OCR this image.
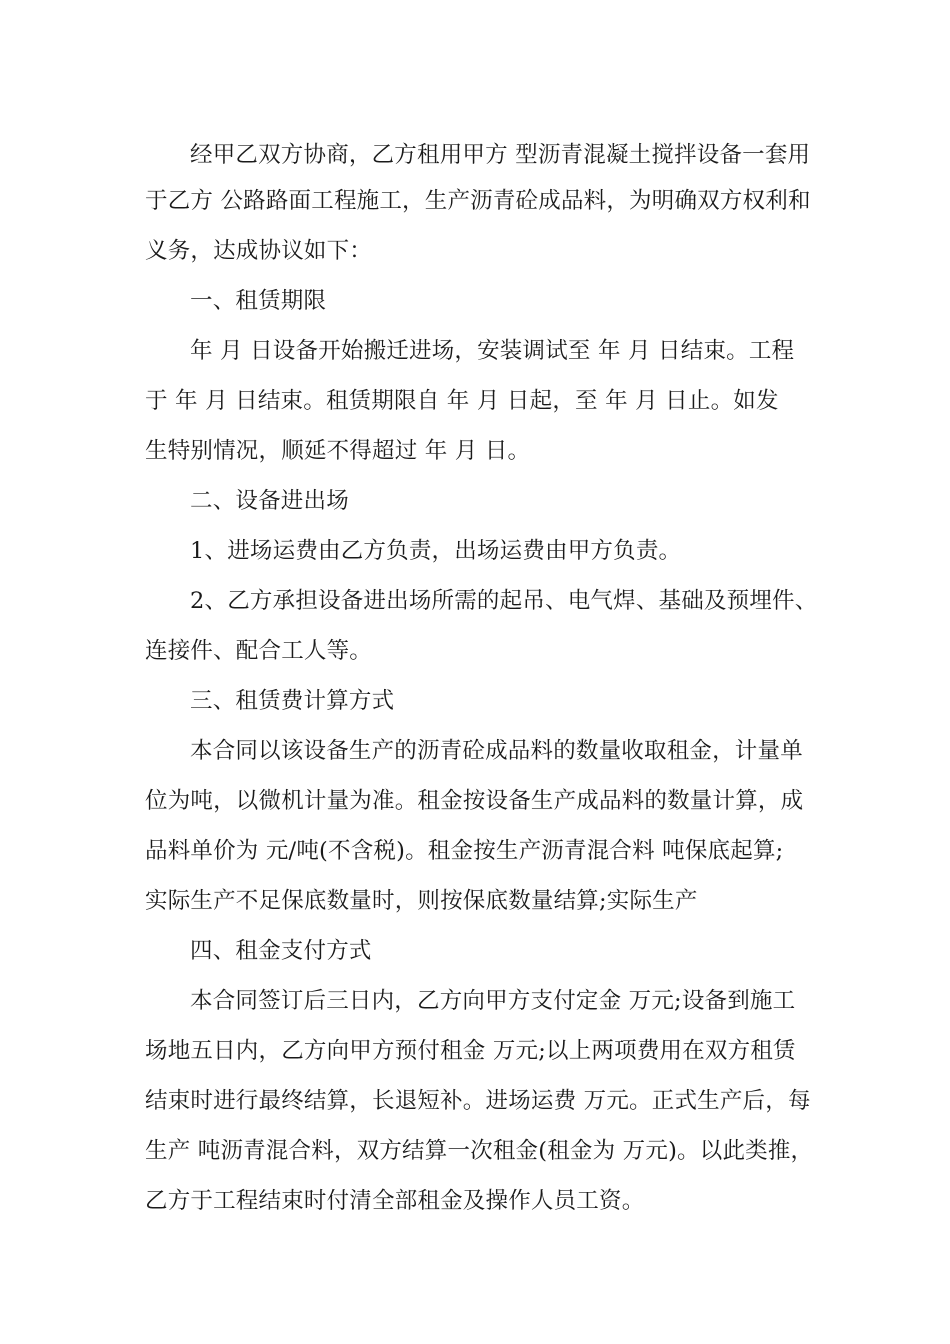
经甲乙双方协商，乙方租用甲方 型沥青混凝土搅拌设备一套用
于乙方 公路路面工程施工，生产沥青砼成品料，为明确双方权利和
义务，达成协议如下：
一、租赁期限
年 月 日设备开始搬迁进场，安装调试至 年 月 日结束。工程
于 年 月 日结束。租赁期限自 年 月 日起，至 年 月 日止。如发
生特别情况，顺延不得超过 年 月 日。
二、设备进出场
1、进场运费由乙方负责，出场运费由甲方负责。
2、乙方承担设备进出场所需的起吊、电气焊、基础及预埋件、
连接件、配合工人等。
三、租赁费计算方式
本合同以该设备生产的沥青砼成品料的数量收取租金，计量单
位为吨，以微机计量为准。租金按设备生产成品料的数量计算，成
品料单价为 元/吨(不含税)。租金按生产沥青混合料 吨保底起算;
实际生产不足保底数量时，则按保底数量结算;实际生产
四、租金支付方式
本合同签订后三日内，乙方向甲方支付定金 万元;设备到施工
场地五日内，乙方向甲方预付租金 万元;以上两项费用在双方租赁
结束时进行最终结算，长退短补。进场运费 万元。正式生产后，每
生产 吨沥青混合料，双方结算一次租金(租金为 万元)。以此类推，
乙方于工程结束时付清全部租金及操作人员工资。
